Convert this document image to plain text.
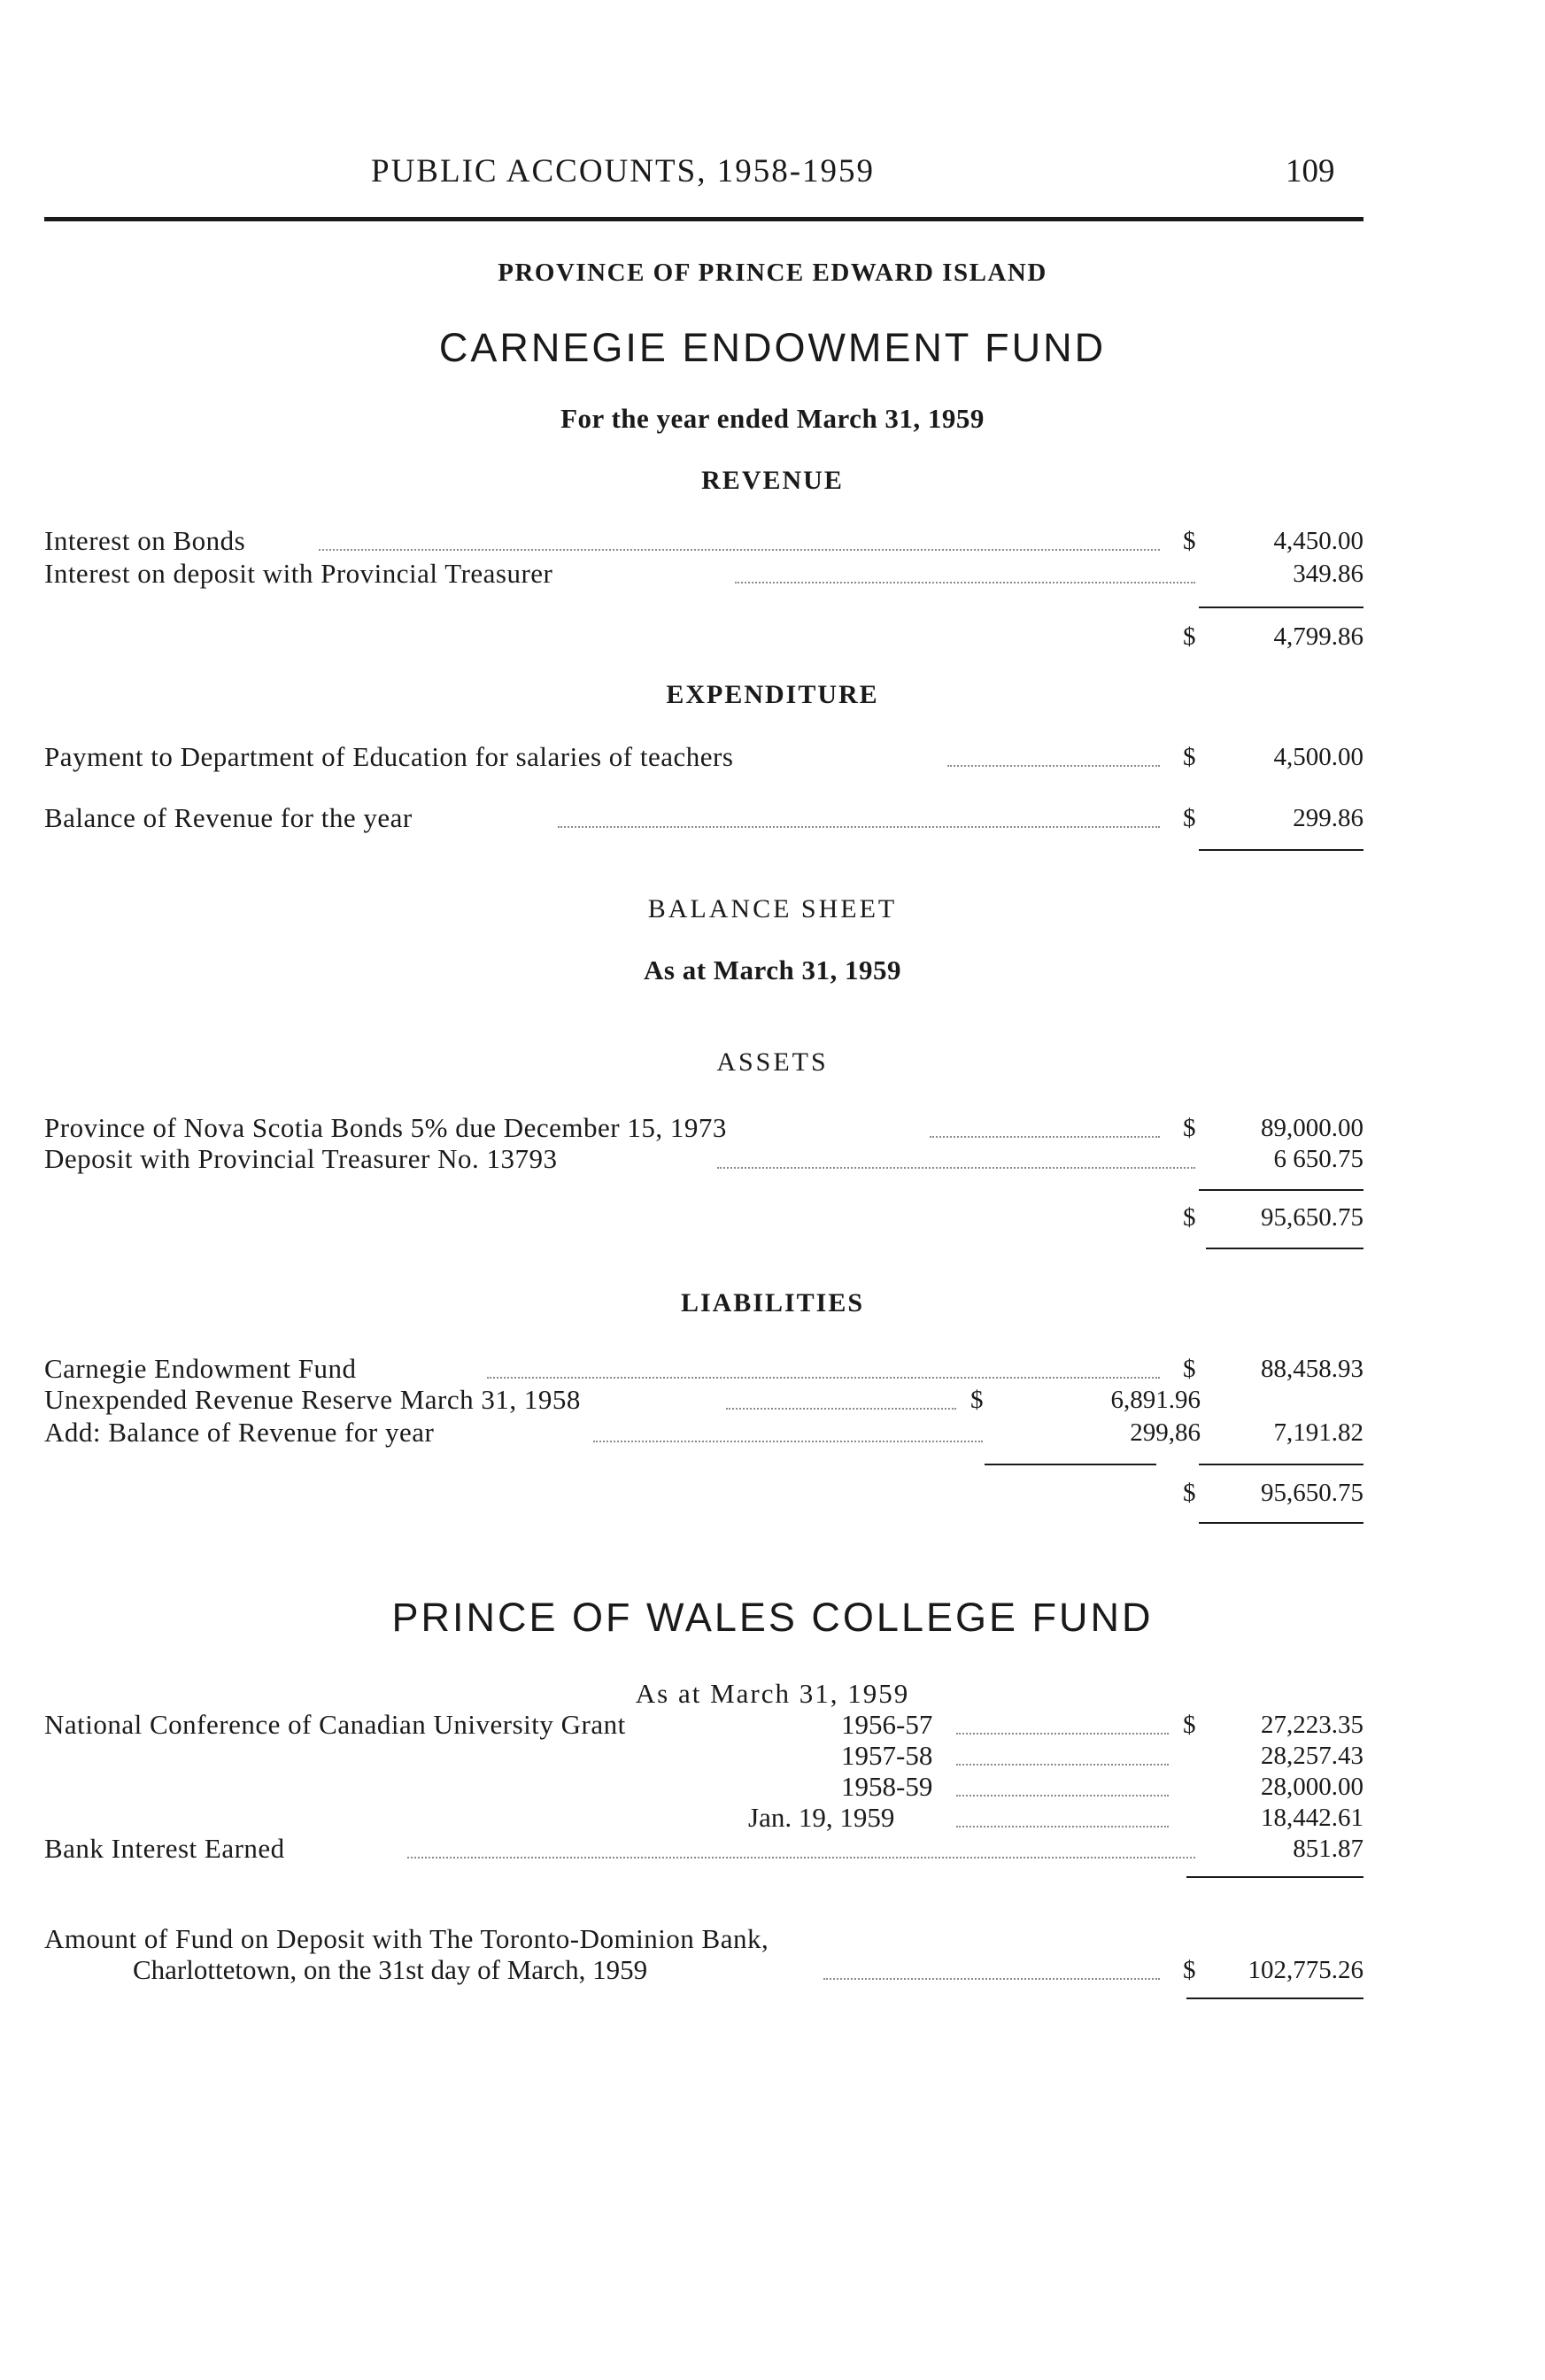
PUBLIC ACCOUNTS, 1958-1959	109
PROVINCE OF PRINCE EDWARD ISLAND
CARNEGIE ENDOWMENT FUND
For the year ended March 31, 1959
REVENUE
Interest on Bonds	$	4,450.00
Interest on deposit with Provincial Treasurer	349.86
$	4,799.86
EXPENDITURE
Payment to Department of Education for salaries of teachers	$	4,500.00
Balance of Revenue for the year	$	299.86
BALANCE SHEET
As at March 31, 1959
ASSETS
Province of Nova Scotia Bonds 5% due December 15, 1973	$	89,000.00
Deposit with Provincial Treasurer No. 13793	6 650.75
$	95,650.75
LIABILITIES
Carnegie Endowment Fund	$	88,458.93
Unexpended Revenue Reserve March 31, 1958	$	6,891.96
Add: Balance of Revenue for year	299,86	7,191.82
$	95,650.75
PRINCE OF WALES COLLEGE FUND
As at March 31, 1959
National Conference of Canadian University Grant	1956-57	$	27,223.35
1957-58	28,257.43
1958-59	28,000.00
Jan. 19, 1959	18,442.61
Bank Interest Earned	851.87
Amount of Fund on Deposit with The Toronto-Dominion Bank,
Charlottetown, on the 31st day of March, 1959	$ 102,775.26
